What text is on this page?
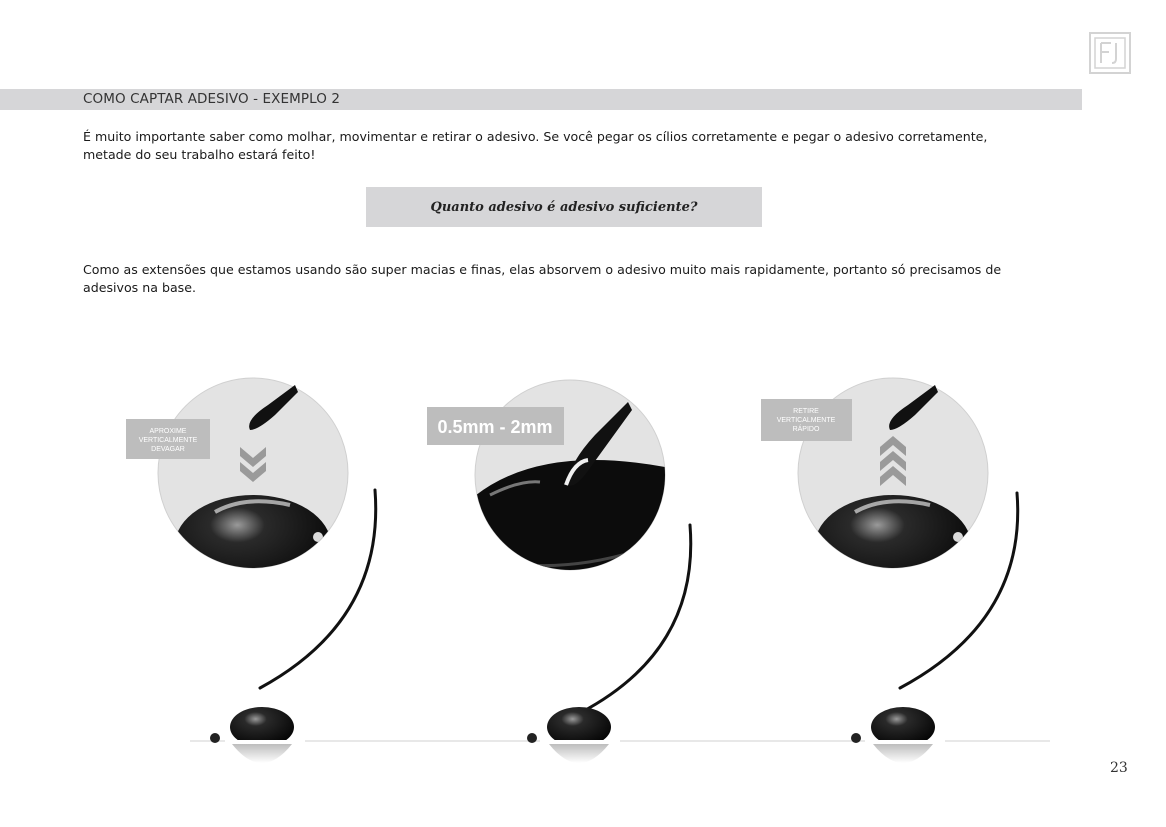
COMO CAPTAR ADESIVO - EXEMPLO 2

É muito importante saber como molhar, movimentar e retirar o adesivo. Se você pegar os cílios corretamente e pegar o adesivo corretamente, metade do seu trabalho estará feito!

Quanto adesivo é adesivo suficiente?

Como as extensões que estamos usando são super macias e finas, elas absorvem o adesivo muito mais rapidamente, portanto só precisamos de adesivos na base.

APROXIME
VERTICALMENTE
DEVAGAR
0.5mm - 2mm
RETIRE
VERTICALMENTE
RÁPIDO
23
